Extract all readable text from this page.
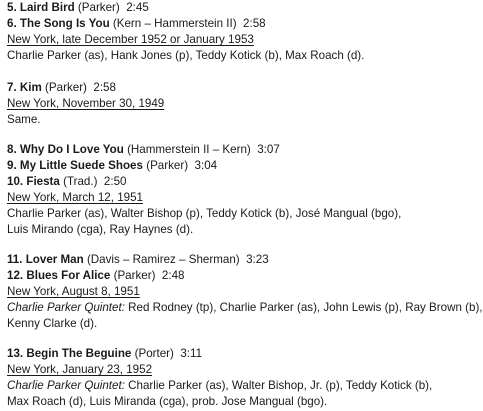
5. Laird Bird (Parker) 2:45
6. The Song Is You (Kern – Hammerstein II) 2:58
New York, late December 1952 or January 1953
Charlie Parker (as), Hank Jones (p), Teddy Kotick (b), Max Roach (d).
7. Kim (Parker) 2:58
New York, November 30, 1949
Same.
8. Why Do I Love You (Hammerstein II – Kern) 3:07
9. My Little Suede Shoes (Parker) 3:04
10. Fiesta (Trad.) 2:50
New York, March 12, 1951
Charlie Parker (as), Walter Bishop (p), Teddy Kotick (b), José Mangual (bgo),
Luis Mirando (cga), Ray Haynes (d).
11. Lover Man (Davis – Ramirez – Sherman) 3:23
12. Blues For Alice (Parker) 2:48
New York, August 8, 1951
Charlie Parker Quintet: Red Rodney (tp), Charlie Parker (as), John Lewis (p), Ray Brown (b),
Kenny Clarke (d).
13. Begin The Beguine (Porter) 3:11
New York, January 23, 1952
Charlie Parker Quintet: Charlie Parker (as), Walter Bishop, Jr. (p), Teddy Kotick (b),
Max Roach (d), Luis Miranda (cga), prob. Jose Mangual (bgo).
